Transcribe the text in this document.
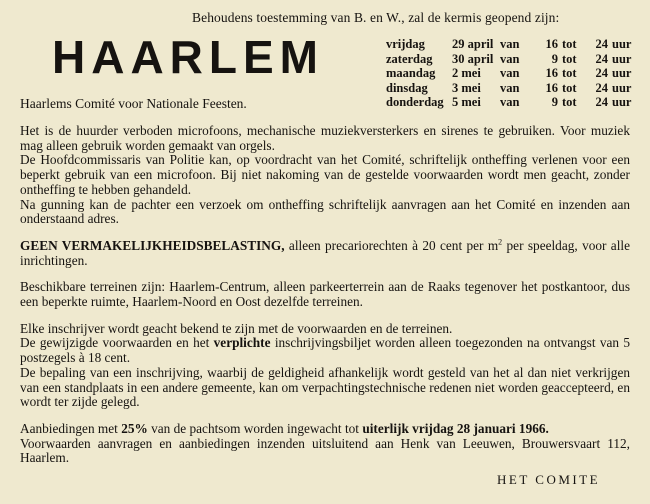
Behoudens toestemming van B. en W., zal de kermis geopend zijn:
HAARLEM
Haarlems Comité voor Nationale Feesten.
vrijdag	29 april	van	16	tot	24	uur
zaterdag	30 april	van	9	tot	24	uur
maandag	2 mei	van	16	tot	24	uur
dinsdag	3 mei	van	16	tot	24	uur
donderdag	5 mei	van	9	tot	24	uur

Het is de huurder verboden microfoons, mechanische muziekversterkers en sirenes te gebruiken. Voor muziek mag alleen gebruik worden gemaakt van orgels.
De Hoofdcommissaris van Politie kan, op voordracht van het Comité, schriftelijk ontheffing verlenen voor een beperkt gebruik van een microfoon. Bij niet nakoming van de gestelde voorwaarden wordt men geacht, zonder ontheffing te hebben gehandeld.
Na gunning kan de pachter een verzoek om ontheffing schriftelijk aanvragen aan het Comité en inzenden aan onderstaand adres.

GEEN VERMAKELIJKHEIDSBELASTING, alleen precariorechten à 20 cent per $m^2$ per speeldag, voor alle inrichtingen.

Beschikbare terreinen zijn: Haarlem-Centrum, alleen parkeerterrein aan de Raaks tegenover het postkantoor, dus een beperkte ruimte, Haarlem-Noord en Oost dezelfde terreinen.

Elke inschrijver wordt geacht bekend te zijn met de voorwaarden en de terreinen.
De gewijzigde voorwaarden en het verplichte inschrijvingsbiljet worden alleen toegezonden na ontvangst van 5 postzegels à 18 cent.
De bepaling van een inschrijving, waarbij de geldigheid afhankelijk wordt gesteld van het al dan niet verkrijgen van een standplaats in een andere gemeente, kan om verpachtingstechnische redenen niet worden geaccepteerd, en wordt ter zijde gelegd.

Aanbiedingen met 25% van de pachtsom worden ingewacht tot uiterlijk vrijdag 28 januari 1966.
Voorwaarden aanvragen en aanbiedingen inzenden uitsluitend aan Henk van Leeuwen, Brouwersvaart 112, Haarlem.

HET COMITE
